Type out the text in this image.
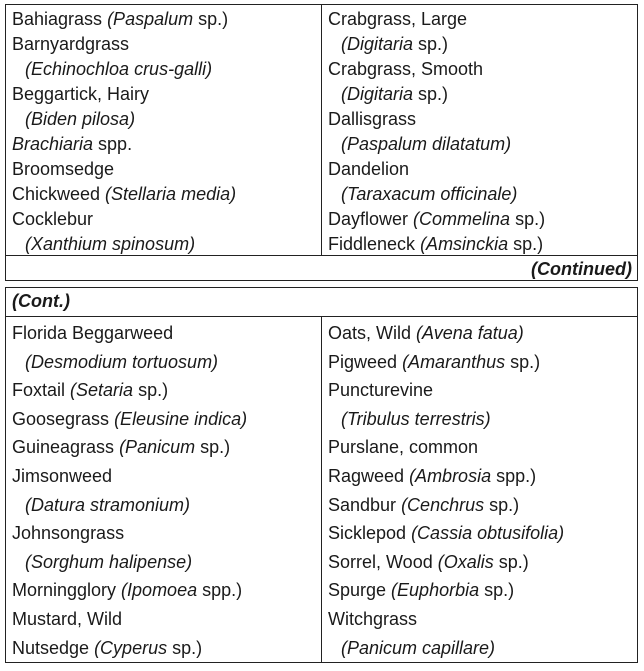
Bahiagrass (Paspalum sp.)
Barnyardgrass
(Echinochloa crus-galli)
Beggartick, Hairy
(Biden pilosa)
Brachiaria spp.
Broomsedge
Chickweed (Stellaria media)
Cocklebur
(Xanthium spinosum)
Crabgrass, Large
(Digitaria sp.)
Crabgrass, Smooth
(Digitaria sp.)
Dallisgrass
(Paspalum dilatatum)
Dandelion
(Taraxacum officinale)
Dayflower (Commelina sp.)
Fiddleneck (Amsinckia sp.)
(Continued)
(Cont.)
Florida Beggarweed
(Desmodium tortuosum)
Foxtail (Setaria sp.)
Goosegrass (Eleusine indica)
Guineagrass (Panicum sp.)
Jimsonweed
(Datura stramonium)
Johnsongrass
(Sorghum halipense)
Morningglory (Ipomoea spp.)
Mustard, Wild
Nutsedge (Cyperus sp.)
Oats, Wild (Avena fatua)
Pigweed (Amaranthus sp.)
Puncturevine
(Tribulus terrestris)
Purslane, common
Ragweed (Ambrosia spp.)
Sandbur (Cenchrus sp.)
Sicklepod (Cassia obtusifolia)
Sorrel, Wood (Oxalis sp.)
Spurge (Euphorbia sp.)
Witchgrass
(Panicum capillare)
